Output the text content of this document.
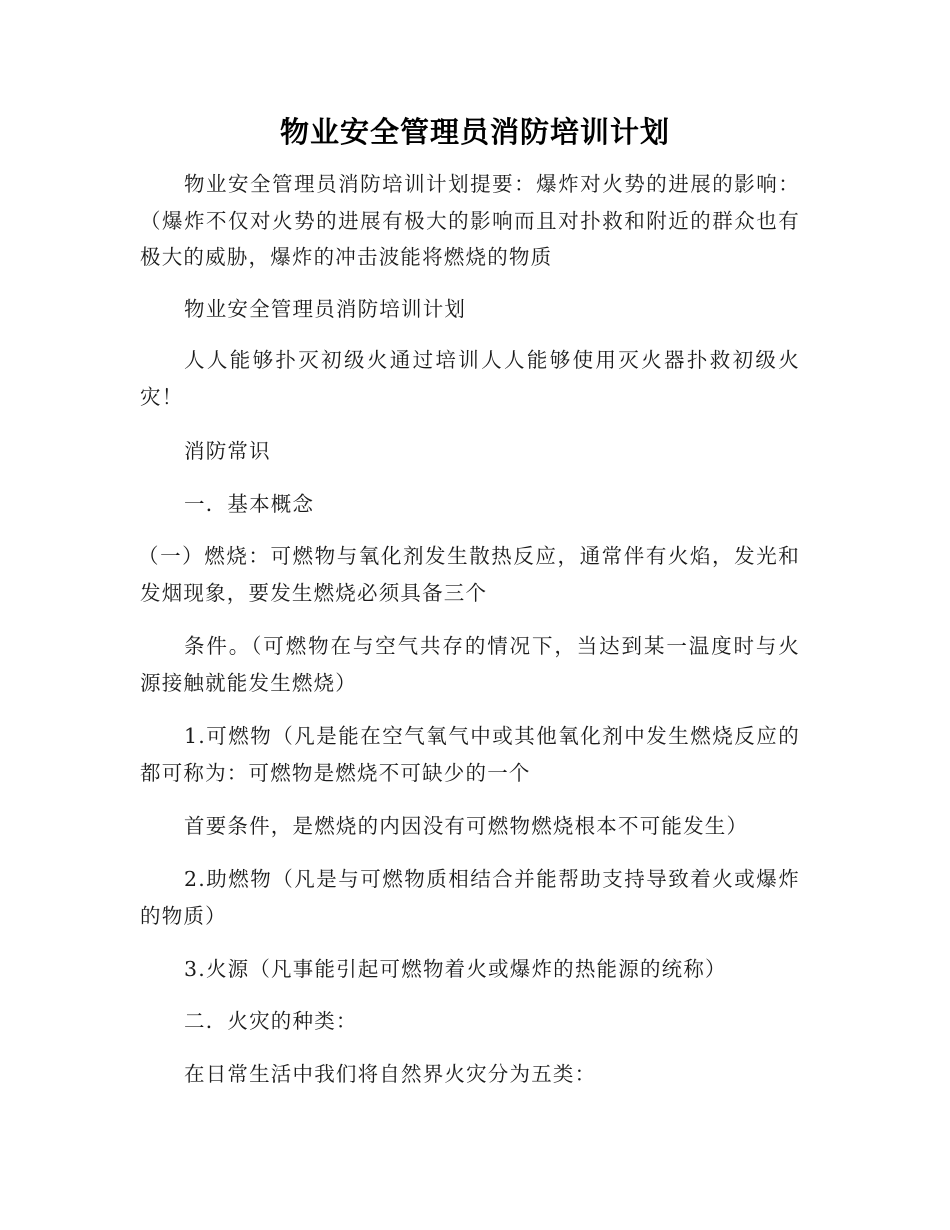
物业安全管理员消防培训计划

物业安全管理员消防培训计划提要：爆炸对火势的进展的影响：（爆炸不仅对火势的进展有极大的影响而且对扑救和附近的群众也有极大的威胁，爆炸的冲击波能将燃烧的物质

物业安全管理员消防培训计划

人人能够扑灭初级火通过培训人人能够使用灭火器扑救初级火灾！

消防常识

一．基本概念

（一）燃烧：可燃物与氧化剂发生散热反应，通常伴有火焰，发光和发烟现象，要发生燃烧必须具备三个

条件。（可燃物在与空气共存的情况下，当达到某一温度时与火源接触就能发生燃烧）

1.可燃物（凡是能在空气氧气中或其他氧化剂中发生燃烧反应的都可称为：可燃物是燃烧不可缺少的一个

首要条件，是燃烧的内因没有可燃物燃烧根本不可能发生）

2.助燃物（凡是与可燃物质相结合并能帮助支持导致着火或爆炸的物质）

3.火源（凡事能引起可燃物着火或爆炸的热能源的统称）

二．火灾的种类：

在日常生活中我们将自然界火灾分为五类：
